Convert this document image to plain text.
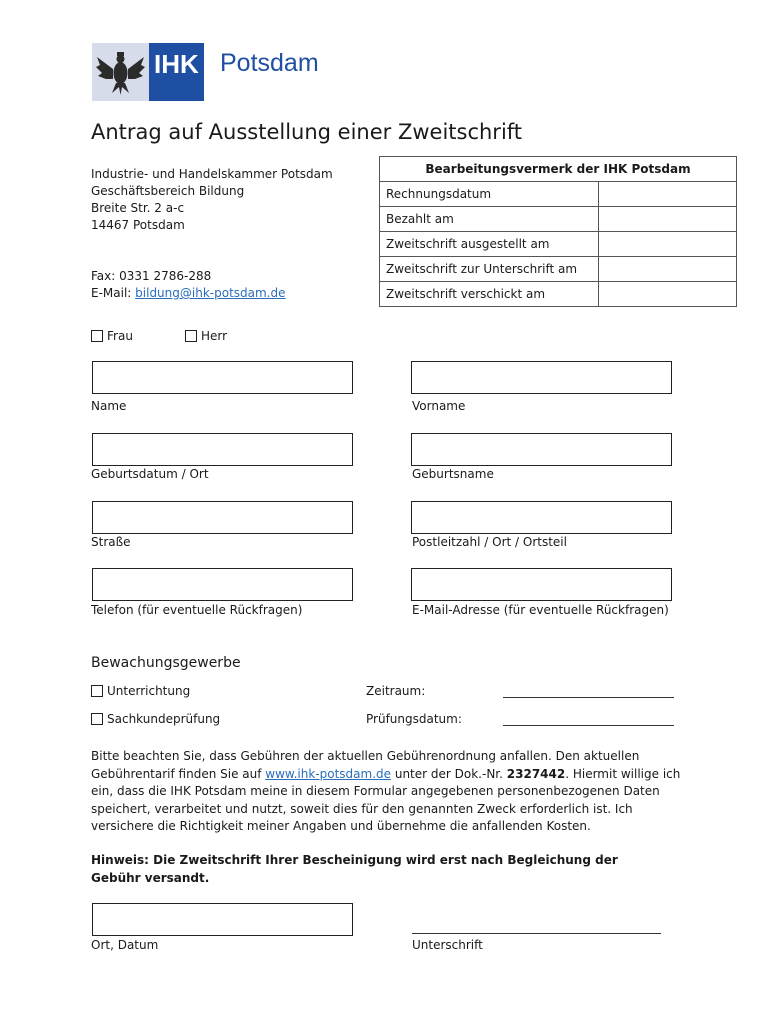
IHK Potsdam
Antrag auf Ausstellung einer Zweitschrift
Industrie- und Handelskammer Potsdam
Geschäftsbereich Bildung
Breite Str. 2 a-c
14467 Potsdam
Fax: 0331 2786-288
E-Mail: bildung@ihk-potsdam.de
Bearbeitungsvermerk der IHK Potsdam	
Rechnungsdatum	
Bezahlt am	
Zweitschrift ausgestellt am	
Zweitschrift zur Unterschrift am	
Zweitschrift verschickt am	
Frau	Herr
Name	Vorname
Geburtsdatum / Ort	Geburtsname
Straße	Postleitzahl / Ort / Ortsteil
Telefon (für eventuelle Rückfragen)	E-Mail-Adresse (für eventuelle Rückfragen)
Bewachungsgewerbe
Unterrichtung	Zeitraum:
Sachkundeprüfung	Prüfungsdatum:
Bitte beachten Sie, dass Gebühren der aktuellen Gebührenordnung anfallen. Den aktuellen Gebührentarif finden Sie auf www.ihk-potsdam.de unter der Dok.-Nr. 2327442. Hiermit willige ich ein, dass die IHK Potsdam meine in diesem Formular angegebenen personenbezogenen Daten speichert, verarbeitet und nutzt, soweit dies für den genannten Zweck erforderlich ist. Ich versichere die Richtigkeit meiner Angaben und übernehme die anfallenden Kosten.
Hinweis: Die Zweitschrift Ihrer Bescheinigung wird erst nach Begleichung der Gebühr versandt.
Ort, Datum	Unterschrift
